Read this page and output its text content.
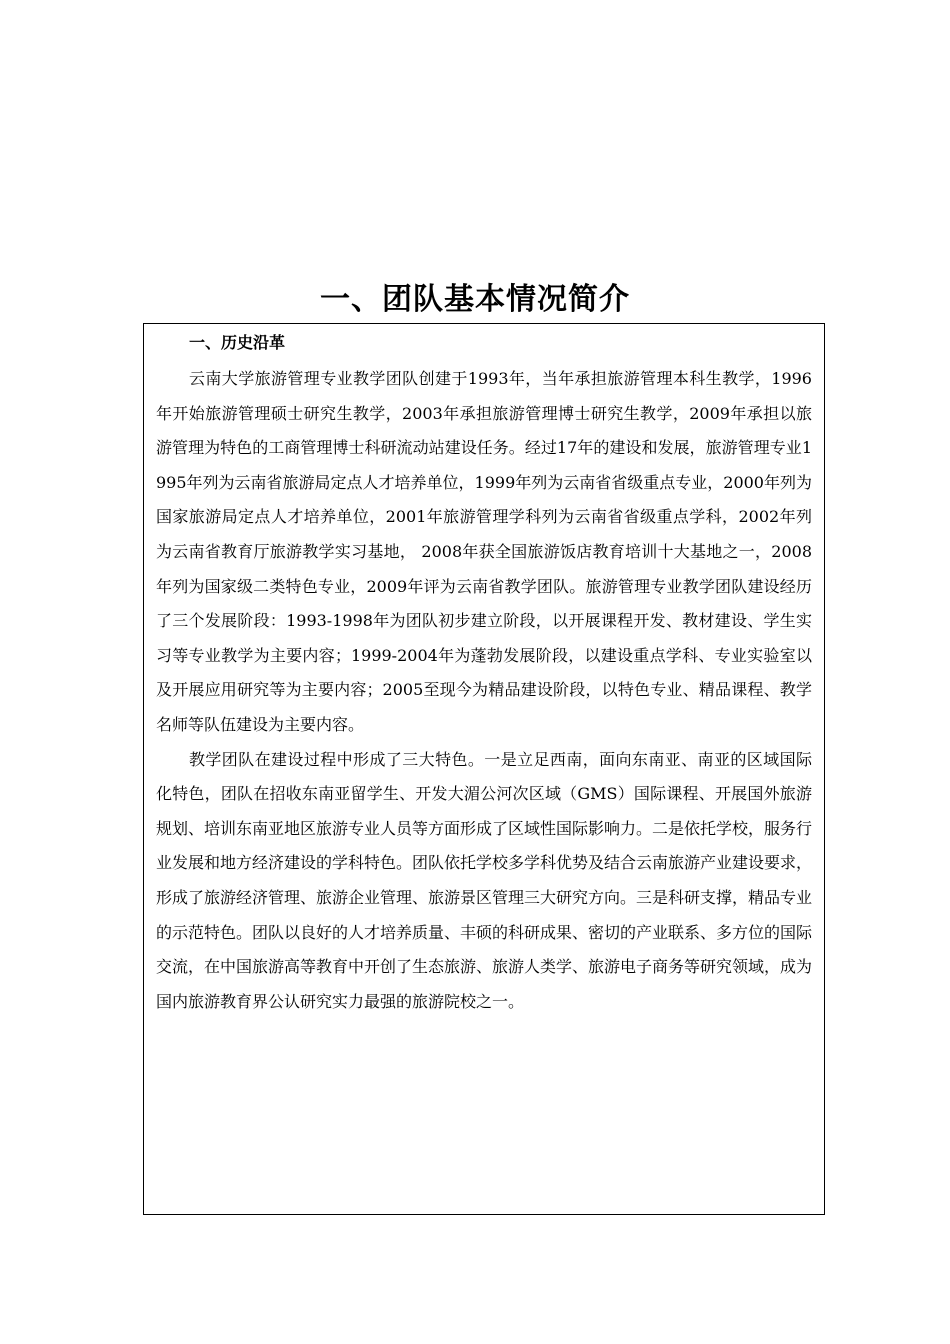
一、团队基本情况简介
一、历史沿革

云南大学旅游管理专业教学团队创建于1993年，当年承担旅游管理本科生教学，1996年开始旅游管理硕士研究生教学，2003年承担旅游管理博士研究生教学，2009年承担以旅游管理为特色的工商管理博士科研流动站建设任务。经过17年的建设和发展，旅游管理专业1995年列为云南省旅游局定点人才培养单位，1999年列为云南省省级重点专业，2000年列为国家旅游局定点人才培养单位，2001年旅游管理学科列为云南省省级重点学科，2002年列为云南省教育厅旅游教学实习基地， 2008年获全国旅游饭店教育培训十大基地之一，2008年列为国家级二类特色专业，2009年评为云南省教学团队。旅游管理专业教学团队建设经历了三个发展阶段：1993-1998年为团队初步建立阶段，以开展课程开发、教材建设、学生实习等专业教学为主要内容；1999-2004年为蓬勃发展阶段，以建设重点学科、专业实验室以及开展应用研究等为主要内容；2005至现今为精品建设阶段，以特色专业、精品课程、教学名师等队伍建设为主要内容。

教学团队在建设过程中形成了三大特色。一是立足西南，面向东南亚、南亚的区域国际化特色，团队在招收东南亚留学生、开发大湄公河次区域（GMS）国际课程、开展国外旅游规划、培训东南亚地区旅游专业人员等方面形成了区域性国际影响力。二是依托学校，服务行业发展和地方经济建设的学科特色。团队依托学校多学科优势及结合云南旅游产业建设要求，形成了旅游经济管理、旅游企业管理、旅游景区管理三大研究方向。三是科研支撑，精品专业的示范特色。团队以良好的人才培养质量、丰硕的科研成果、密切的产业联系、多方位的国际交流，在中国旅游高等教育中开创了生态旅游、旅游人类学、旅游电子商务等研究领域，成为国内旅游教育界公认研究实力最强的旅游院校之一。
